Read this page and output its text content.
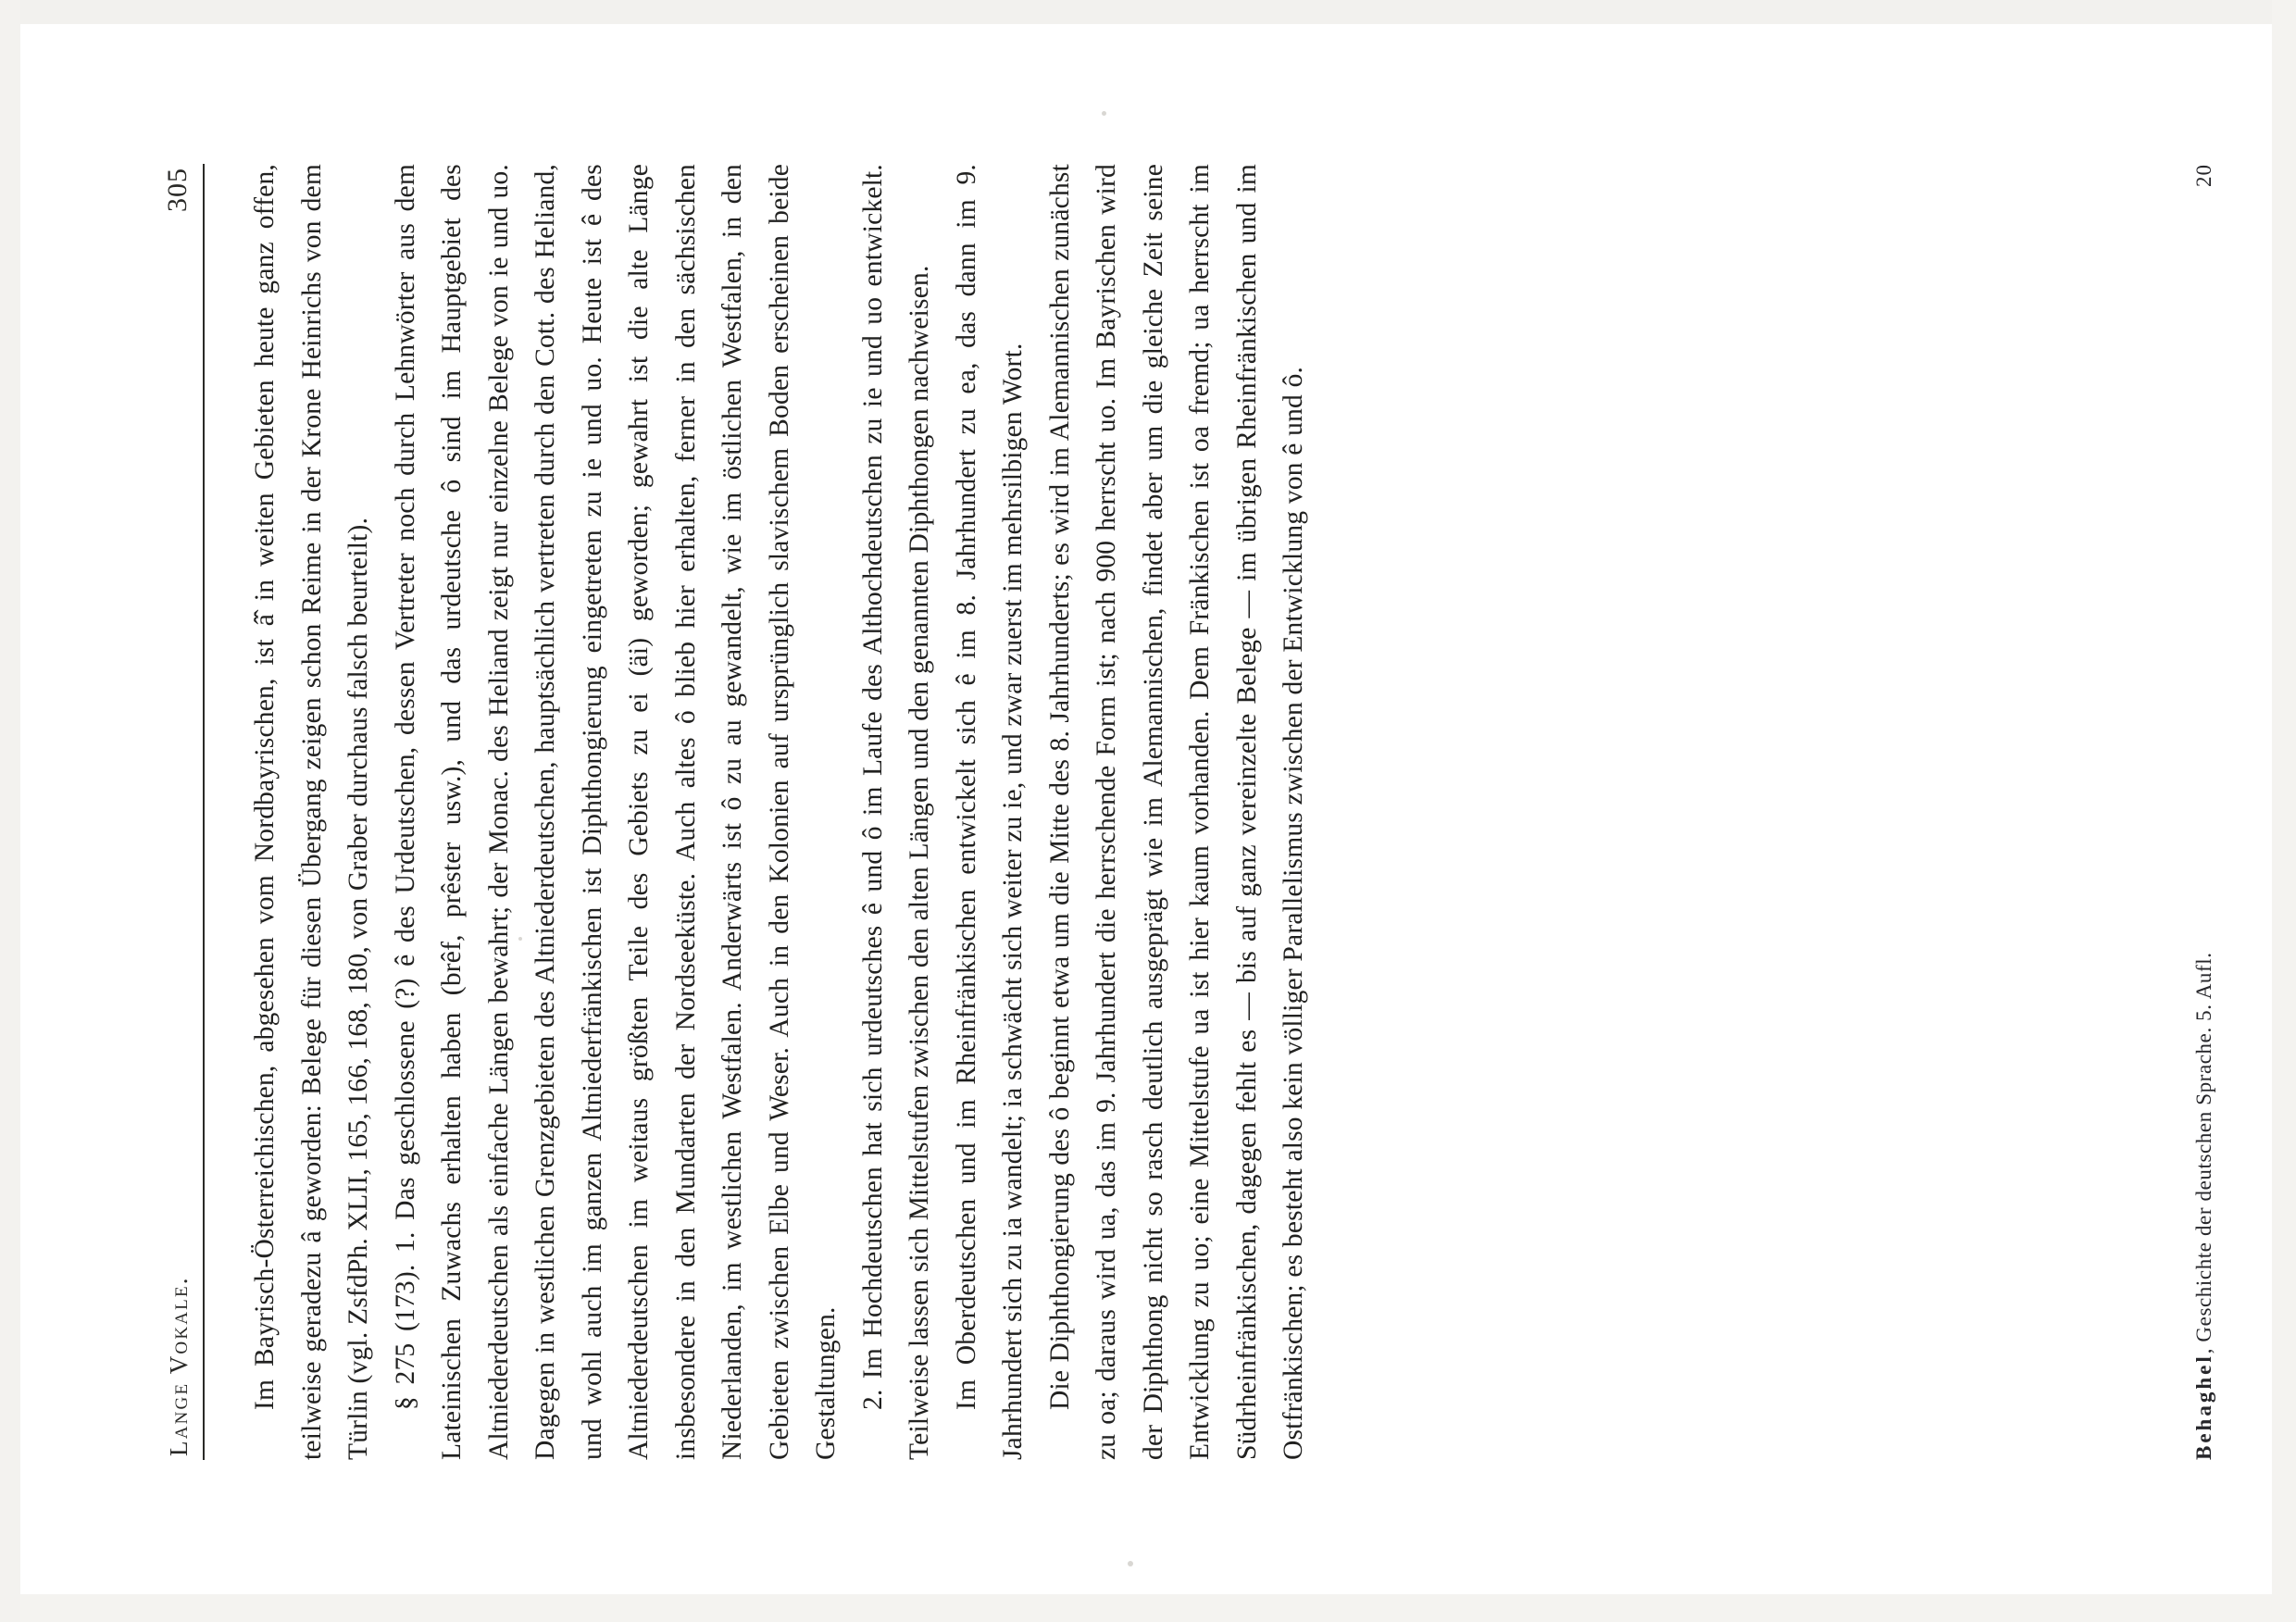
Lange Vokale.
305	Im Bayrisch-Österreichischen, abgesehen vom Nordbayrischen, ist â̂ in weiten Gebieten heute ganz offen, teilweise geradezu â geworden: Belege für diesen Übergang zeigen schon Reime in der Krone Heinrichs von dem Türlin (vgl. ZsfdPh. XLII, 165, 166, 168, 180, von Graber durchaus falsch beurteilt). § 275 (173). 1. Das geschlossene (?) ê des Urdeutschen, dessen Vertreter noch durch Lehnwörter aus dem Lateinischen Zuwachs erhalten haben (brêf, prêster usw.), und das urdeutsche ô sind im Hauptgebiet des Altniederdeutschen als einfache Längen bewahrt; der Monac. des Heliand zeigt nur einzelne Belege von ie und uo. Dagegen in westlichen Grenzgebieten des Altniederdeutschen, hauptsächlich vertreten durch den Cott. des Heliand, und wohl auch im ganzen Altniederfränkischen ist Diphthongierung eingetreten zu ie und uo. Heute ist ê des Altniederdeutschen im weitaus größten Teile des Gebiets zu ei (äi) geworden; gewahrt ist die alte Länge insbesondere in den Mundarten der Nordseeküste. Auch altes ô blieb hier erhalten, ferner in den sächsischen Niederlanden, im westlichen Westfalen. Anderwärts ist ô zu au gewandelt, wie im östlichen Westfalen, in den Gebieten zwischen Elbe und Weser. Auch in den Kolonien auf ursprünglich slavischem Boden erscheinen beide Gestaltungen. 2. Im Hochdeutschen hat sich urdeutsches ê und ô im Laufe des Althochdeutschen zu ie und uo entwickelt. Teilweise lassen sich Mittelstufen zwischen den alten Längen und den genannten Diphthongen nachweisen. Im Oberdeutschen und im Rheinfränkischen entwickelt sich ê im 8. Jahrhundert zu ea, das dann im 9. Jahrhundert sich zu ia wandelt; ia schwächt sich weiter zu ie, und zwar zuerst im mehrsilbigen Wort. Die Diphthongierung des ô beginnt etwa um die Mitte des 8. Jahrhunderts; es wird im Alemannischen zunächst zu oa; daraus wird ua, das im 9. Jahrhundert die herrschende Form ist; nach 900 herrscht uo. Im Bayrischen wird der Diphthong nicht so rasch deutlich ausgeprägt wie im Alemannischen, findet aber um die gleiche Zeit seine Entwicklung zu uo; eine Mittelstufe ua ist hier kaum vorhanden. Dem Fränkischen ist oa fremd; ua herrscht im Südrheinfränkischen, dagegen fehlt es — bis auf ganz vereinzelte Belege — im übrigen Rheinfränkischen und im Ostfränkischen; es besteht also kein völliger Parallelismus zwischen der Entwicklung von ê und ô.	Behaghel, Geschichte der deutschen Sprache. 5. Aufl.
20
